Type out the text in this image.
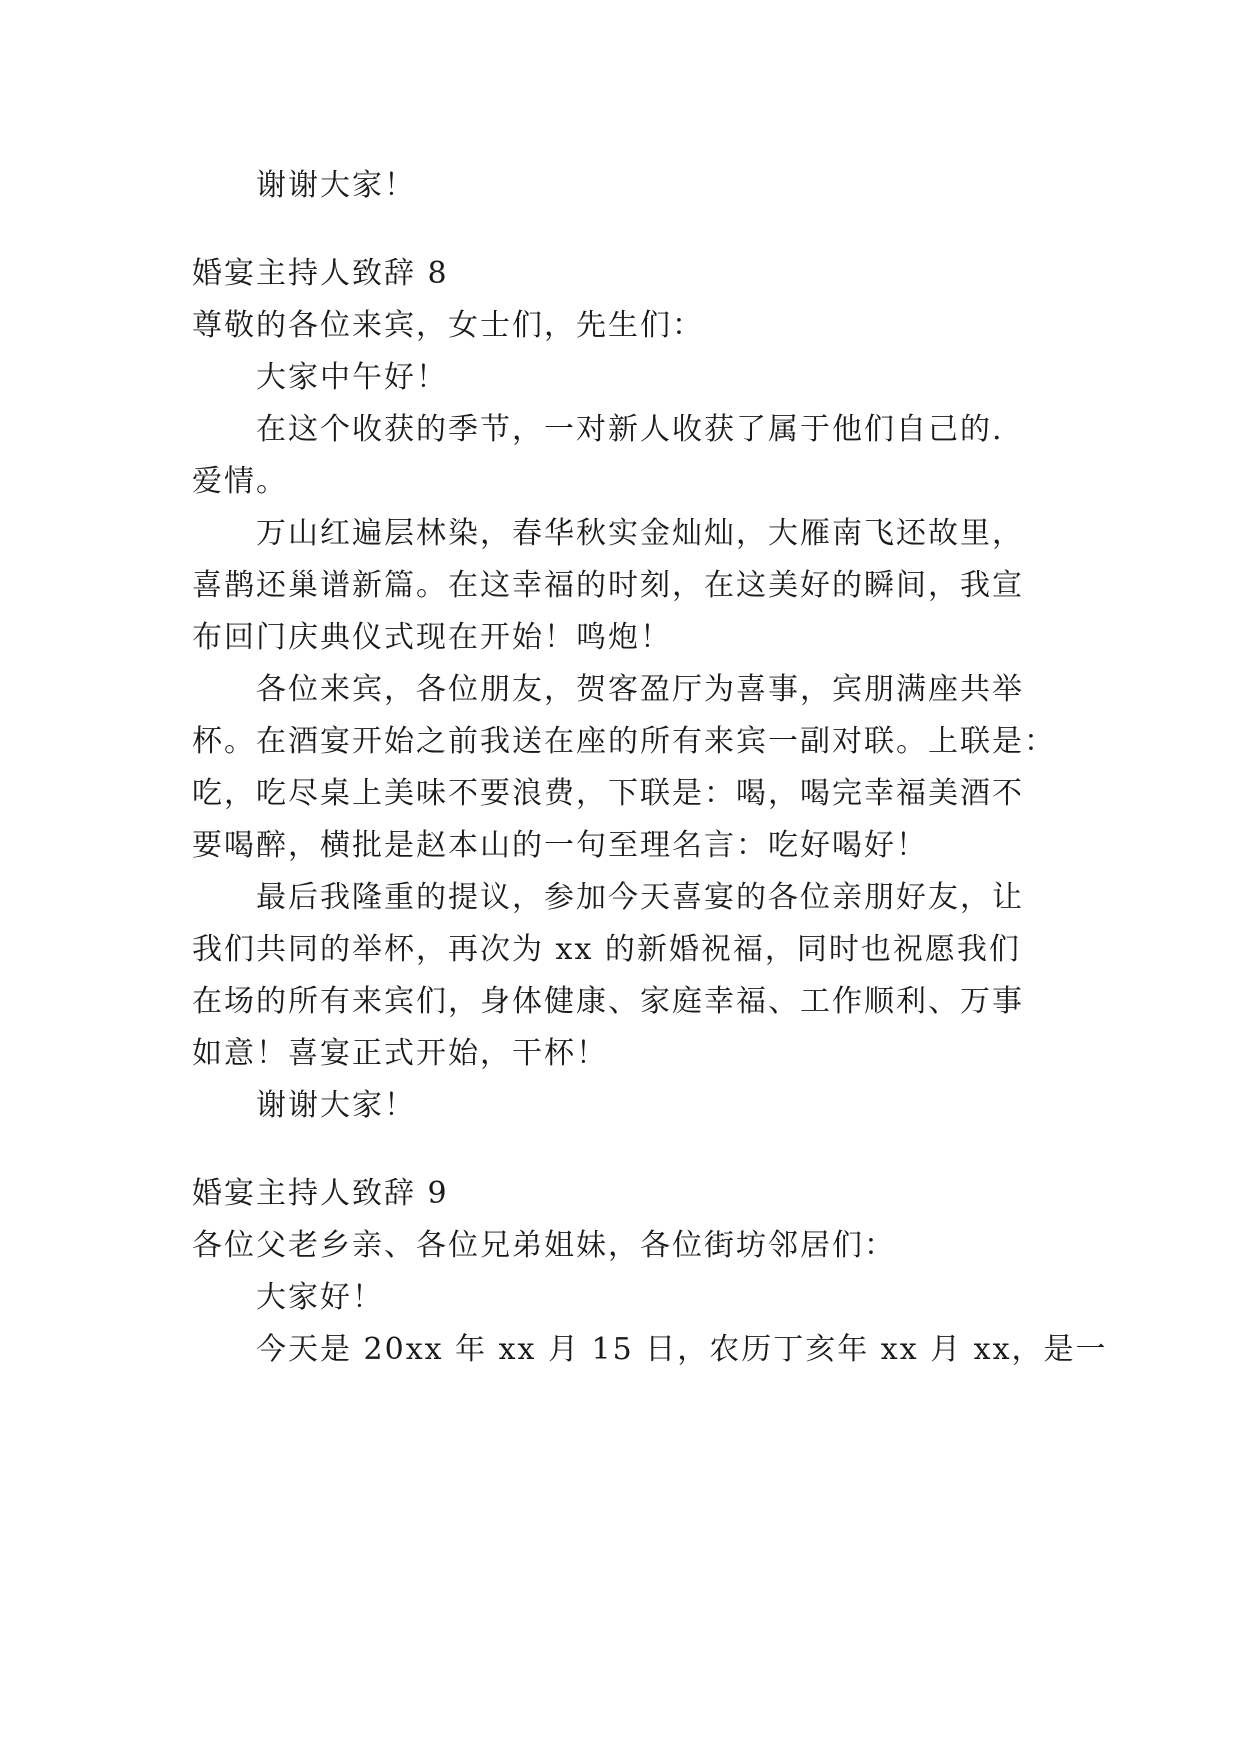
谢谢大家！
婚宴主持人致辞 8
尊敬的各位来宾，女士们，先生们：
大家中午好！
在这个收获的季节，一对新人收获了属于他们自己的.
爱情。
万山红遍层林染，春华秋实金灿灿，大雁南飞还故里，
喜鹊还巢谱新篇。在这幸福的时刻，在这美好的瞬间，我宣
布回门庆典仪式现在开始！鸣炮！
各位来宾，各位朋友，贺客盈厅为喜事，宾朋满座共举
杯。在酒宴开始之前我送在座的所有来宾一副对联。上联是：
吃，吃尽桌上美味不要浪费，下联是：喝，喝完幸福美酒不
要喝醉，横批是赵本山的一句至理名言：吃好喝好！
最后我隆重的提议，参加今天喜宴的各位亲朋好友，让
我们共同的举杯，再次为 xx 的新婚祝福，同时也祝愿我们
在场的所有来宾们，身体健康、家庭幸福、工作顺利、万事
如意！喜宴正式开始，干杯！
谢谢大家！
婚宴主持人致辞 9
各位父老乡亲、各位兄弟姐妹，各位街坊邻居们：
大家好！
今天是 20xx 年 xx 月 15 日，农历丁亥年 xx 月 xx，是一
